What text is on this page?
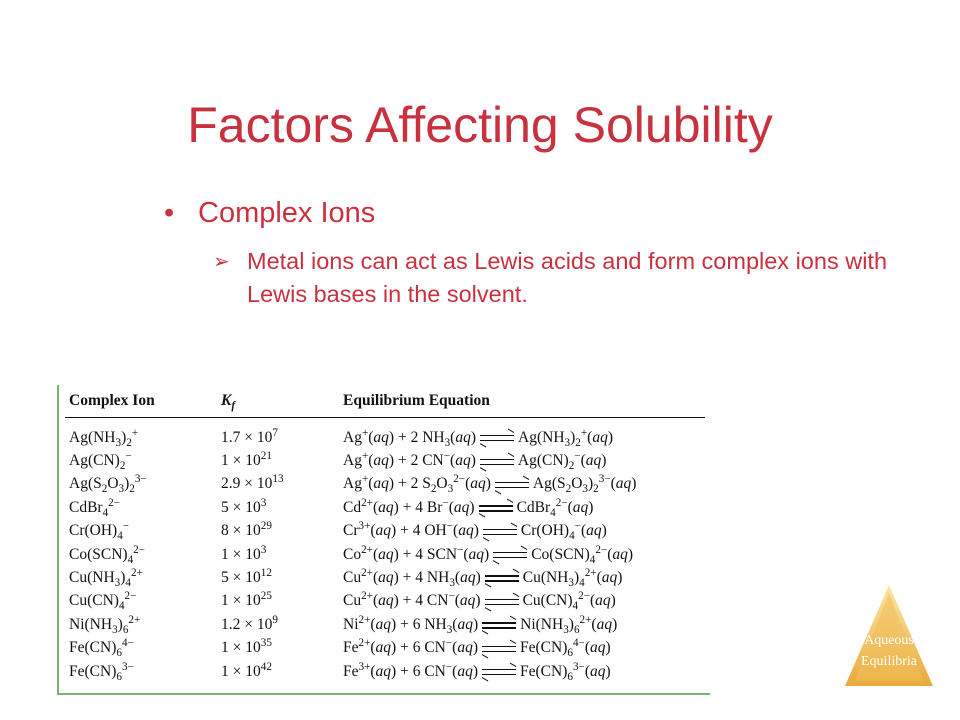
Factors Affecting Solubility
• Complex Ions
➢ Metal ions can act as Lewis acids and form complex ions with Lewis bases in the solvent.
Complex Ion	$K_f$	Equilibrium Equation
$Ag(NH_3)_2^+$	$1.7 \times 10^7$	Ag+(aq) + 2 $NH_3(aq)$ $Ag(NH_3)_2^+(aq)$
$Ag(CN)_2^-$	$1 \times 10^{21}$	Ag+(aq) + 2 CN−(aq) $Ag(CN)_2^-(aq)$
$Ag(S_2O_3)_2^{3-}$	$2.9 \times 10^{13}$	Ag+(aq) + 2 $S_2O_3^{2-}(aq)$ $Ag(S_2O_3)_2^{3-}(aq)$
CdBr$_4^{2-}$	$5 \times 10^3$	$Cd^{2+}(aq) + 4$ Br−(aq) CdBr$_4^{2-}$(aq)
$Cr(OH)_4^-$	$8 \times 10^{29}$	$Cr^{3+}(aq) + 4$ OH−(aq) $Cr(OH)_4^-(aq)$
$Co(SCN)_4^{2-}$	$1 \times 10^3$	$Co^{2+}(aq) + 4$ SCN−(aq) $Co(SCN)_4^{2-}(aq)$
$Cu(NH_3)_4^{2+}$	$5 \times 10^{12}$	$Cu^{2+}(aq) + 4$ $NH_3(aq)$ $Cu(NH_3)_4^{2+}(aq)$
$Cu(CN)_4^{2-}$	$1 \times 10^{25}$	$Cu^{2+}(aq) + 4$ CN−(aq) $Cu(CN)_4^{2-}(aq)$
$Ni(NH_3)_6^{2+}$	$1.2 \times 10^9$	$Ni^{2+}(aq) + 6$ $NH_3(aq)$ $Ni(NH_3)_6^{2+}(aq)$
$Fe(CN)_6^{4-}$	$1 \times 10^{35}$	$Fe^{2+}(aq) + 6$ CN−(aq) $Fe(CN)_6^{4-}(aq)$
$Fe(CN)_6^{3-}$	$1 \times 10^{42}$	$Fe^{3+}(aq) + 6$ CN−(aq) $Fe(CN)_6^{3-}(aq)$
Aqueous
Equilibria
